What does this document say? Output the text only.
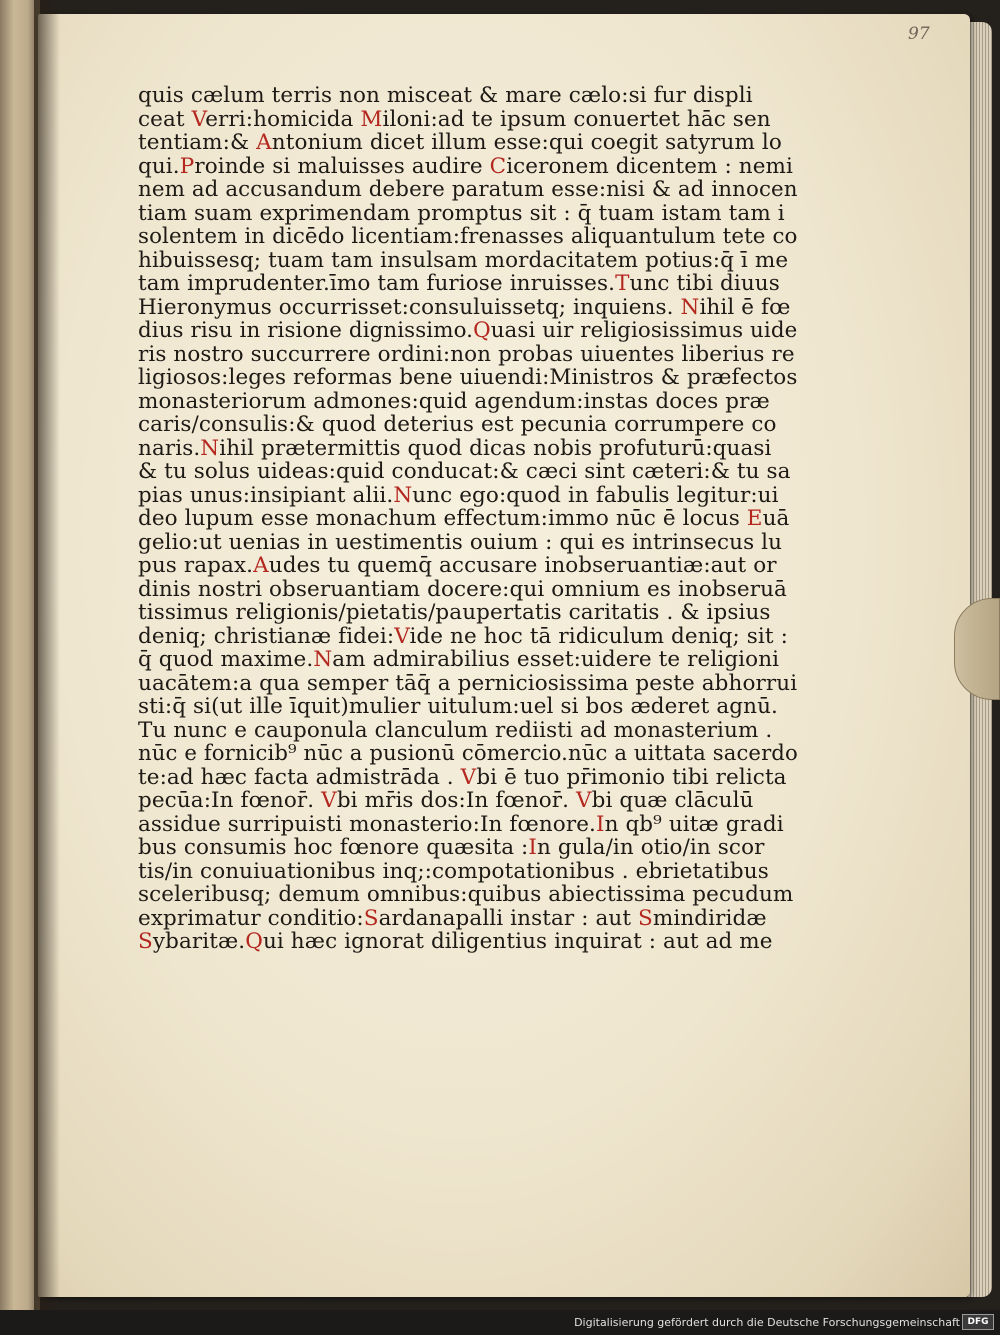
97
quis cælum terris non misceat & mare cælo:si fur displi
ceat Verri:homicida Miloni:ad te ipsum conuertet hāc sen
tentiam:& Antonium dicet illum esse:qui coegit satyrum lo
qui.Proinde si maluisses audire Ciceronem dicentem : nemi
nem ad accusandum debere paratum esse:nisi & ad innocen
tiam suam exprimendam promptus sit : q̄ tuam istam tam i
solentem in dicēdo licentiam:frenasses aliquantulum tete co
hibuissesq; tuam tam insulsam mordacitatem potius:q̄ ī me
tam imprudenter.īmo tam furiose inruisses.Tunc tibi diuus
Hieronymus occurrisset:consuluissetq; inquiens. Nihil ē fœ
dius risu in risione dignissimo.Quasi uir religiosissimus uide
ris nostro succurrere ordini:non probas uiuentes liberius re
ligiosos:leges reformas bene uiuendi:Ministros & præfectos
monasteriorum admones:quid agendum:instas doces præ
caris/consulis:& quod deterius est pecunia corrumpere co
naris.Nihil prætermittis quod dicas nobis profuturū:quasi
& tu solus uideas:quid conducat:& cæci sint cæteri:& tu sa
pias unus:insipiant alii.Nunc ego:quod in fabulis legitur:ui
deo lupum esse monachum effectum:immo nūc ē locus Euā
gelio:ut uenias in uestimentis ouium : qui es intrinsecus lu
pus rapax.Audes tu quemq̄ accusare inobseruantiæ:aut or
dinis nostri obseruantiam docere:qui omnium es inobseruā
tissimus religionis/pietatis/paupertatis caritatis . & ipsius
deniq; christianæ fidei:Vide ne hoc tā ridiculum deniq; sit :
q̄ quod maxime.Nam admirabilius esset:uidere te religioni
uacātem:a qua semper tāq̄ a perniciosissima peste abhorrui
sti:q̄ si(ut ille īquit)mulier uitulum:uel si bos æderet agnū.
Tu nunc e cauponula clanculum rediisti ad monasterium .
nūc e fornicib⁹ nūc a pusionū cōmercio.nūc a uittata sacerdo
te:ad hæc facta admistrāda . Vbi ē tuo pr̄imonio tibi relicta
pecūa:In fœnor̄. Vbi mr̄is dos:In fœnor̄. Vbi quæ clāculū
assidue surripuisti monasterio:In fœnore.In qb⁹ uitæ gradi
bus consumis hoc fœnore quæsita :In gula/in otio/in scor
tis/in conuiuationibus inq;:compotationibus . ebrietatibus
sceleribusq; demum omnibus:quibus abiectissima pecudum
exprimatur conditio:Sardanapalli instar : aut Smindiridæ
Sybaritæ.Qui hæc ignorat diligentius inquirat : aut ad me
Digitalisierung gefördert durch die Deutsche Forschungsgemeinschaft DFG
